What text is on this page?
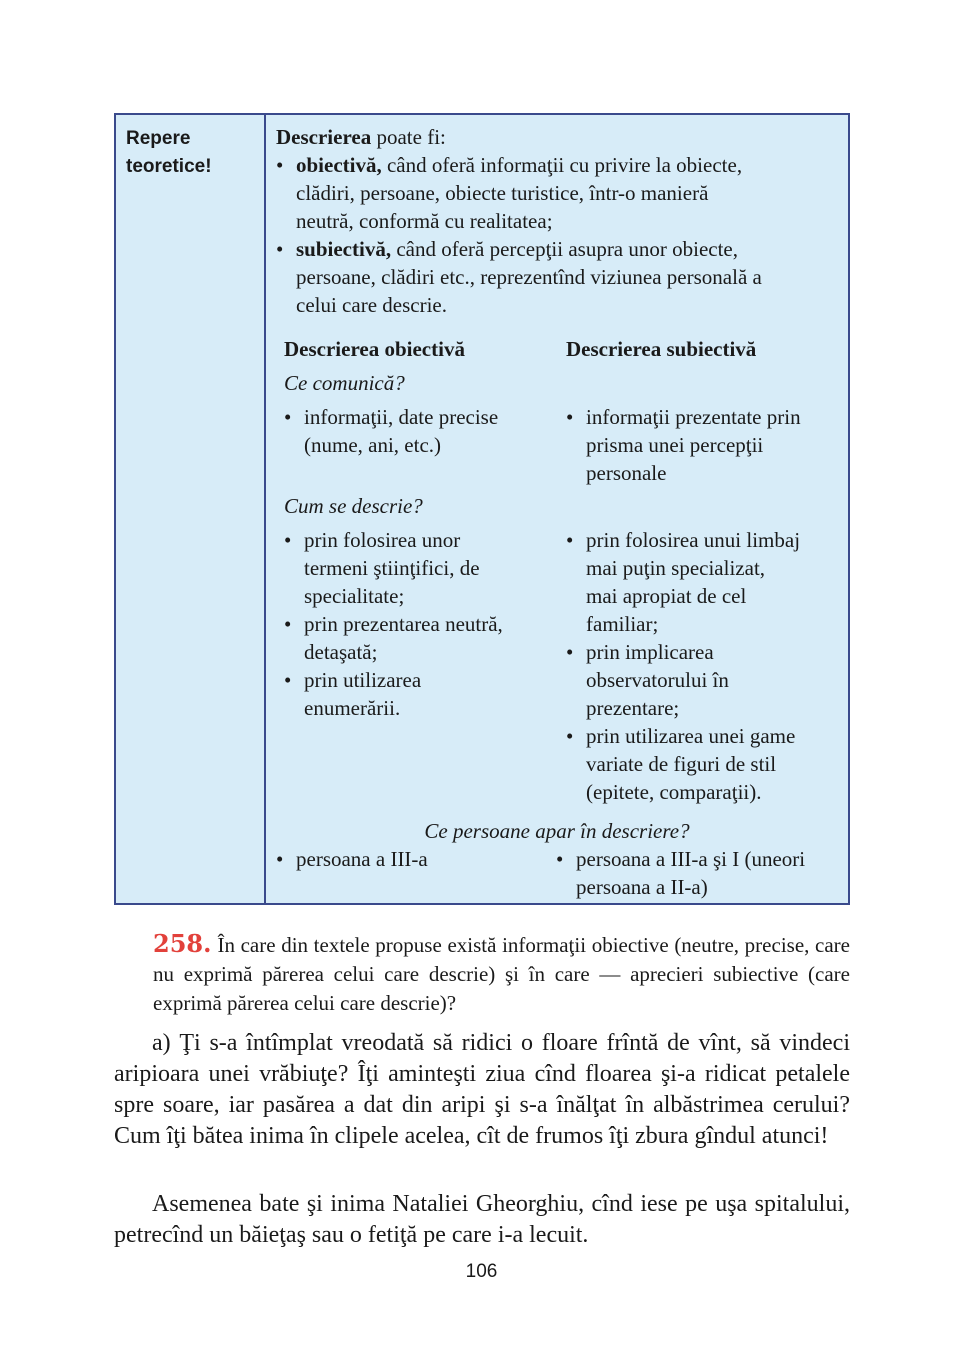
Repere
teoretice!
Descrierea poate fi:
• obiectivă, când oferă informaţii cu privire la obiecte,
clădiri, persoane, obiecte turistice, într-o manieră
neutră, conformă cu realitatea;
• subiectivă, când oferă percepţii asupra unor obiecte,
persoane, clădiri etc., reprezentînd viziunea personală a
celui care descrie.
Descrierea obiectivă
Ce comunică?
• informaţii, date precise
(nume, ani, etc.)
Cum se descrie?
• prin folosirea unor
termeni ştiinţifici, de
specialitate;
• prin prezentarea neutră,
detaşată;
• prin utilizarea
enumerării.
Descrierea subiectivă
• informaţii prezentate prin
prisma unei percepţii
personale
• prin folosirea unui limbaj
mai puţin specializat,
mai apropiat de cel
familiar;
• prin implicarea
observatorului în
prezentare;
• prin utilizarea unei game
variate de figuri de stil
(epitete, comparaţii).
Ce persoane apar în descriere?
• persoana a III-a	• persoana a III-a şi I (uneori
persoana a II-a)
258. În care din textele propuse există informaţii obiective (neutre, precise, care nu exprimă părerea celui care descrie) şi în care — aprecieri subiective (care exprimă părerea celui care descrie)?
a) Ţi s-a întîmplat vreodată să ridici o floare frîntă de vînt, să vindeci aripioara unei vrăbiuţe? Îţi aminteşti ziua cînd floarea şi-a ridicat petalele spre soare, iar pasărea a dat din aripi şi s-a înălţat în albăstrimea cerului? Cum îţi bătea inima în clipele acelea, cît de frumos îţi zbura gîndul atunci!
Asemenea bate şi inima Nataliei Gheorghiu, cînd iese pe uşa spitalului, petrecînd un băieţaş sau o fetiţă pe care i-a lecuit.
106
